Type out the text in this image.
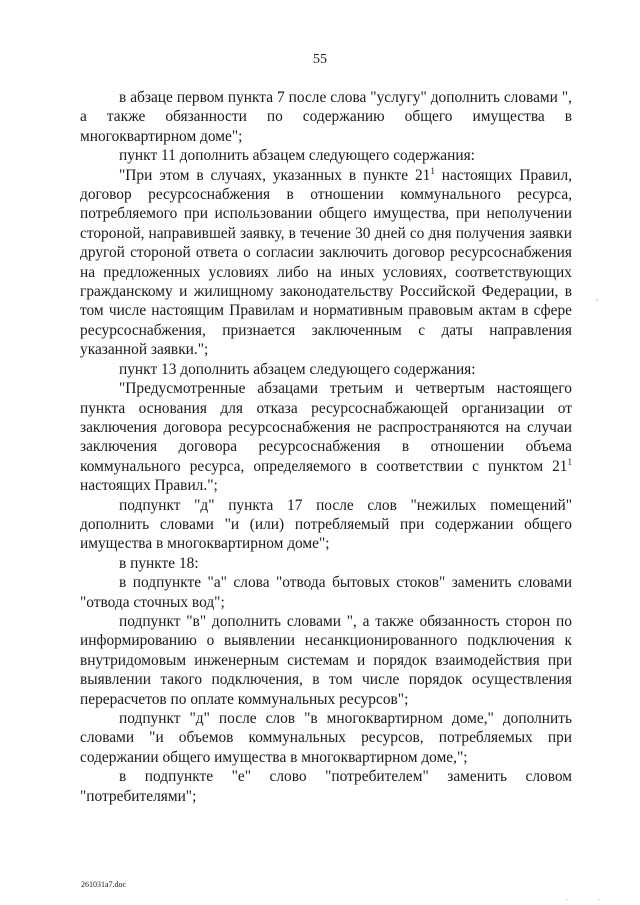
55

в абзаце первом пункта 7 после слова "услугу" дополнить словами ", а также обязанности по содержанию общего имущества в многоквартирном доме";

пункт 11 дополнить абзацем следующего содержания:

"При этом в случаях, указанных в пункте $21^1$ настоящих Правил, договор ресурсоснабжения в отношении коммунального ресурса, потребляемого при использовании общего имущества, при неполучении стороной, направившей заявку, в течение 30 дней со дня получения заявки другой стороной ответа о согласии заключить договор ресурсоснабжения на предложенных условиях либо на иных условиях, соответствующих гражданскому и жилищному законодательству Российской Федерации, в том числе настоящим Правилам и нормативным правовым актам в сфере ресурсоснабжения, признается заключенным с даты направления указанной заявки.";

пункт 13 дополнить абзацем следующего содержания:

"Предусмотренные абзацами третьим и четвертым настоящего пункта основания для отказа ресурсоснабжающей организации от заключения договора ресурсоснабжения не распространяются на случаи заключения договора ресурсоснабжения в отношении объема коммунального ресурса, определяемого в соответствии с пунктом $21^1$ настоящих Правил.";

подпункт "д" пункта 17 после слов "нежилых помещений" дополнить словами "и (или) потребляемый при содержании общего имущества в многоквартирном доме";

в пункте 18:

в подпункте "а" слова "отвода бытовых стоков" заменить словами "отвода сточных вод";

подпункт "в" дополнить словами ", а также обязанность сторон по информированию о выявлении несанкционированного подключения к внутридомовым инженерным системам и порядок взаимодействия при выявлении такого подключения, в том числе порядок осуществления перерасчетов по оплате коммунальных ресурсов";

подпункт "д" после слов "в многоквартирном доме," дополнить словами "и объемов коммунальных ресурсов, потребляемых при содержании общего имущества в многоквартирном доме,";

в подпункте "е" слово "потребителем" заменить словом "потребителями";

261031a7.doc

,
.	.
